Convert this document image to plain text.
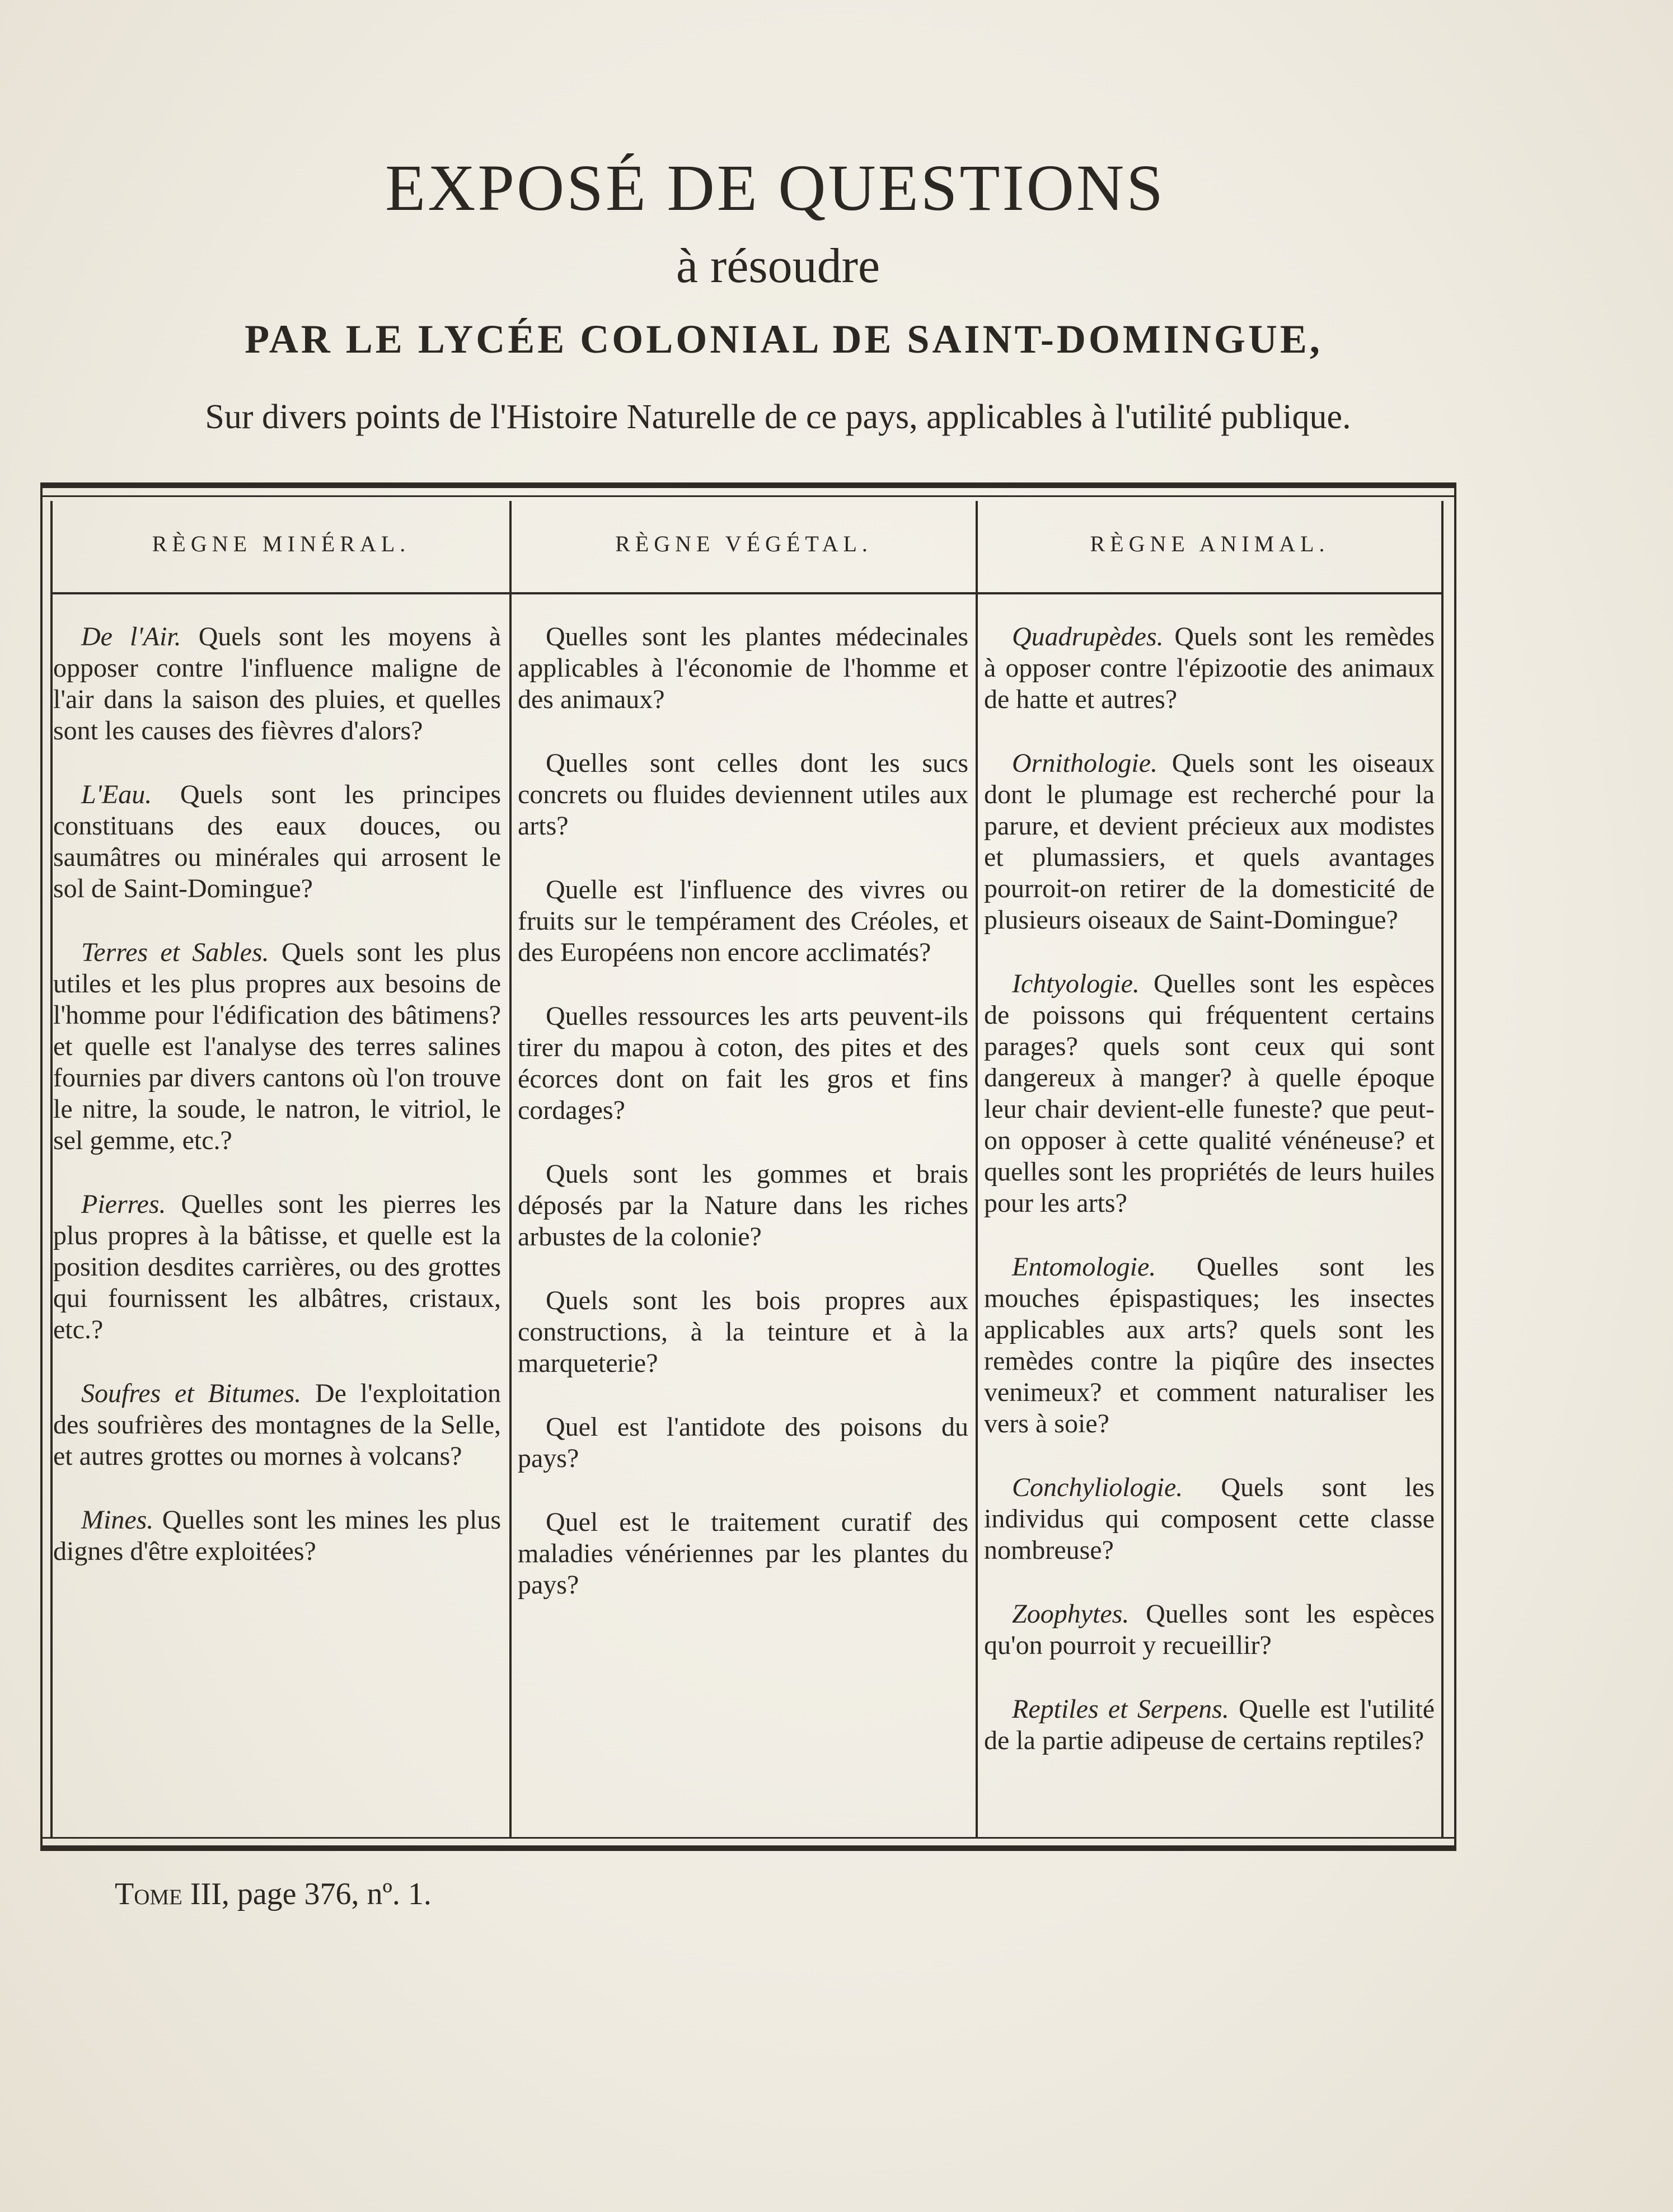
EXPOSÉ DE QUESTIONS
à résoudre
PAR LE LYCÉE COLONIAL DE SAINT-DOMINGUE,
Sur divers points de l'Histoire Naturelle de ce pays, applicables à l'utilité publique.
RÈGNE MINÉRAL.	RÈGNE VÉGÉTAL.	RÈGNE ANIMAL.

De l'Air. Quels sont les moyens à opposer contre l'influence maligne de l'air dans la saison des pluies, et quelles sont les causes des fièvres d'alors?

L'Eau. Quels sont les principes constituans des eaux douces, ou saumâtres ou minérales qui arrosent le sol de Saint-Domingue?

Terres et Sables. Quels sont les plus utiles et les plus propres aux besoins de l'homme pour l'édification des bâtimens? et quelle est l'analyse des terres salines fournies par divers cantons où l'on trouve le nitre, la soude, le natron, le vitriol, le sel gemme, etc.?

Pierres. Quelles sont les pierres les plus propres à la bâtisse, et quelle est la position desdites carrières, ou des grottes qui fournissent les albâtres, cristaux, etc.?

Soufres et Bitumes. De l'exploitation des soufrières des montagnes de la Selle, et autres grottes ou mornes à volcans?

Mines. Quelles sont les mines les plus dignes d'être exploitées?

Quelles sont les plantes médecinales applicables à l'économie de l'homme et des animaux?

Quelles sont celles dont les sucs concrets ou fluides deviennent utiles aux arts?

Quelle est l'influence des vivres ou fruits sur le tempérament des Créoles, et des Européens non encore acclimatés?

Quelles ressources les arts peuvent-ils tirer du mapou à coton, des pites et des écorces dont on fait les gros et fins cordages?

Quels sont les gommes et brais déposés par la Nature dans les riches arbustes de la colonie?

Quels sont les bois propres aux constructions, à la teinture et à la marqueterie?

Quel est l'antidote des poisons du pays?

Quel est le traitement curatif des maladies vénériennes par les plantes du pays?

Quadrupèdes. Quels sont les remèdes à opposer contre l'épizootie des animaux de hatte et autres?

Ornithologie. Quels sont les oiseaux dont le plumage est recherché pour la parure, et devient précieux aux modistes et plumassiers, et quels avantages pourroit-on retirer de la domesticité de plusieurs oiseaux de Saint-Domingue?

Ichtyologie. Quelles sont les espèces de poissons qui fréquentent certains parages? quels sont ceux qui sont dangereux à manger? à quelle époque leur chair devient-elle funeste? que peut-on opposer à cette qualité vénéneuse? et quelles sont les propriétés de leurs huiles pour les arts?

Entomologie. Quelles sont les mouches épispastiques; les insectes applicables aux arts? quels sont les remèdes contre la piqûre des insectes venimeux? et comment naturaliser les vers à soie?

Conchyliologie. Quels sont les individus qui composent cette classe nombreuse?

Zoophytes. Quelles sont les espèces qu'on pourroit y recueillir?

Reptiles et Serpens. Quelle est l'utilité de la partie adipeuse de certains reptiles?

Tome III, page 376, nº. 1.
